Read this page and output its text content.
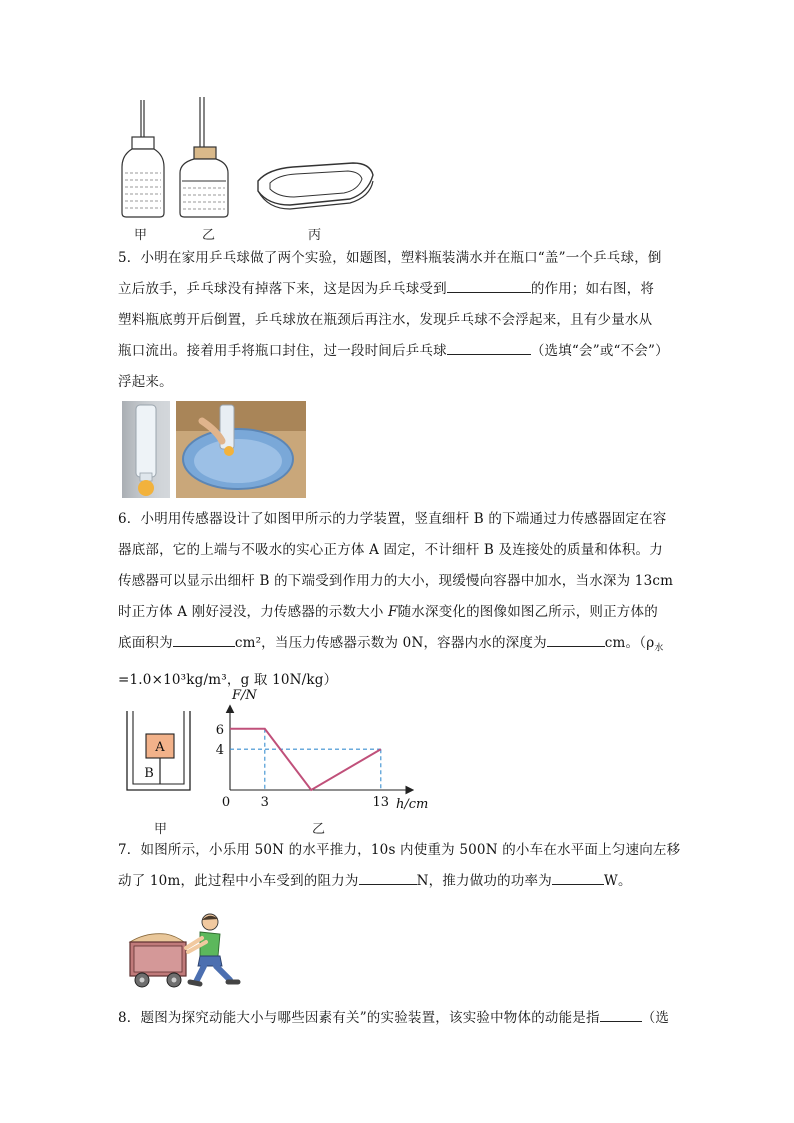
甲	乙	丙
5．小明在家用乒乓球做了两个实验，如题图，塑料瓶装满水并在瓶口“盖”一个乒乓球，倒
立后放手，乒乓球没有掉落下来，这是因为乒乓球受到	的作用；如右图，将
塑料瓶底剪开后倒置，乒乓球放在瓶颈后再注水，发现乒乓球不会浮起来，且有少量水从
瓶口流出。接着用手将瓶口封住，过一段时间后乒乓球	（选填“会”或“不会”）
浮起来。
6．小明用传感器设计了如图甲所示的力学装置，竖直细杆 B 的下端通过力传感器固定在容
器底部，它的上端与不吸水的实心正方体 A 固定，不计细杆 B 及连接处的质量和体积。力
传感器可以显示出细杆 B 的下端受到作用力的大小，现缓慢向容器中加水，当水深为 13cm
时正方体 A 刚好浸没，力传感器的示数大小 F随水深变化的图像如图乙所示，则正方体的
底面积为	cm²，当压力传感器示数为 0N，容器内水的深度为	cm。（$\rho_水$
=1.0×10³kg/m³，g 取 10N/kg）
A
B
甲
0 3	13
6
4
F/N
h/cm
乙
7．如图所示，小乐用 50N 的水平推力，10s 内使重为 500N 的小车在水平面上匀速向左移
动了 10m，此过程中小车受到的阻力为	N，推力做功的功率为	W。
8．题图为探究动能大小与哪些因素有关”的实验装置，该实验中物体的动能是指	（选
